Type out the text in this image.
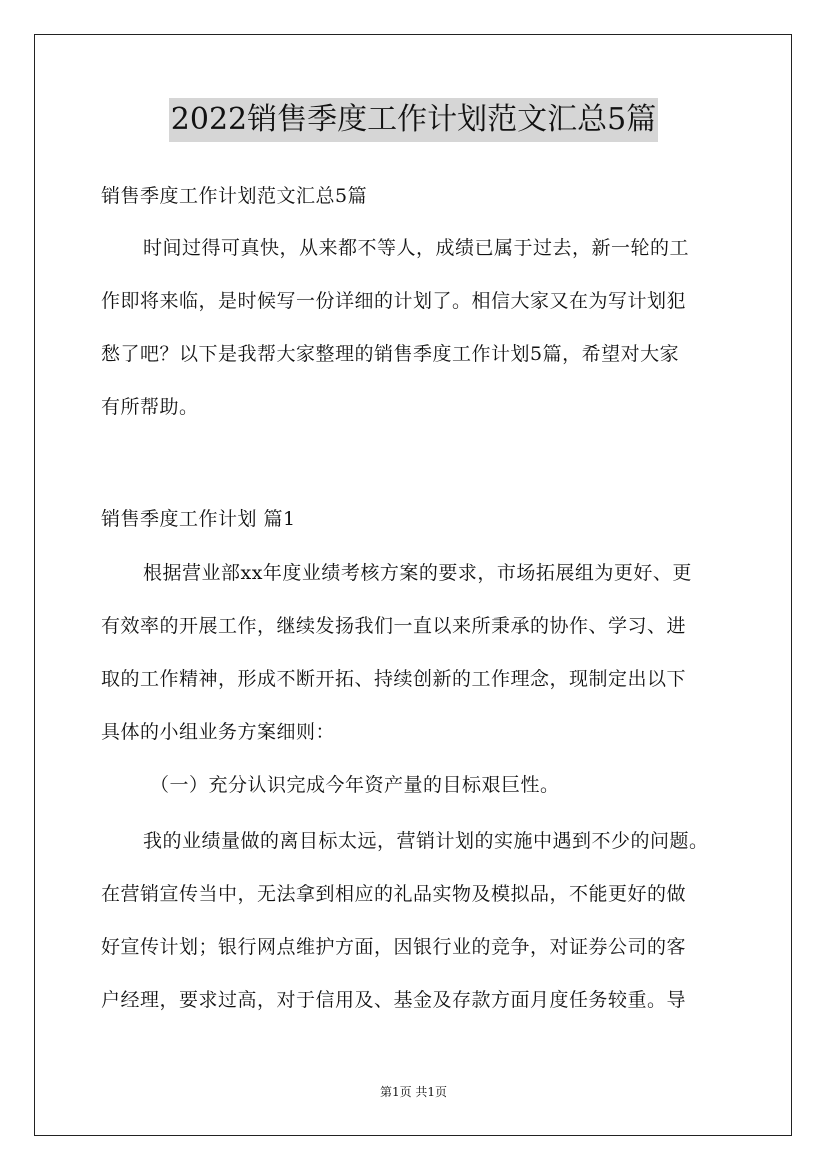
2022销售季度工作计划范文汇总5篇
销售季度工作计划范文汇总5篇
时间过得可真快，从来都不等人，成绩已属于过去，新一轮的工
作即将来临，是时候写一份详细的计划了。相信大家又在为写计划犯
愁了吧？以下是我帮大家整理的销售季度工作计划5篇，希望对大家
有所帮助。
销售季度工作计划 篇1
根据营业部xx年度业绩考核方案的要求，市场拓展组为更好、更
有效率的开展工作，继续发扬我们一直以来所秉承的协作、学习、进
取的工作精神，形成不断开拓、持续创新的工作理念，现制定出以下
具体的小组业务方案细则：
（一）充分认识完成今年资产量的目标艰巨性。
我的业绩量做的离目标太远，营销计划的实施中遇到不少的问题。
在营销宣传当中，无法拿到相应的礼品实物及模拟品，不能更好的做
好宣传计划；银行网点维护方面，因银行业的竞争，对证券公司的客
户经理，要求过高，对于信用及、基金及存款方面月度任务较重。导
第1页 共1页
